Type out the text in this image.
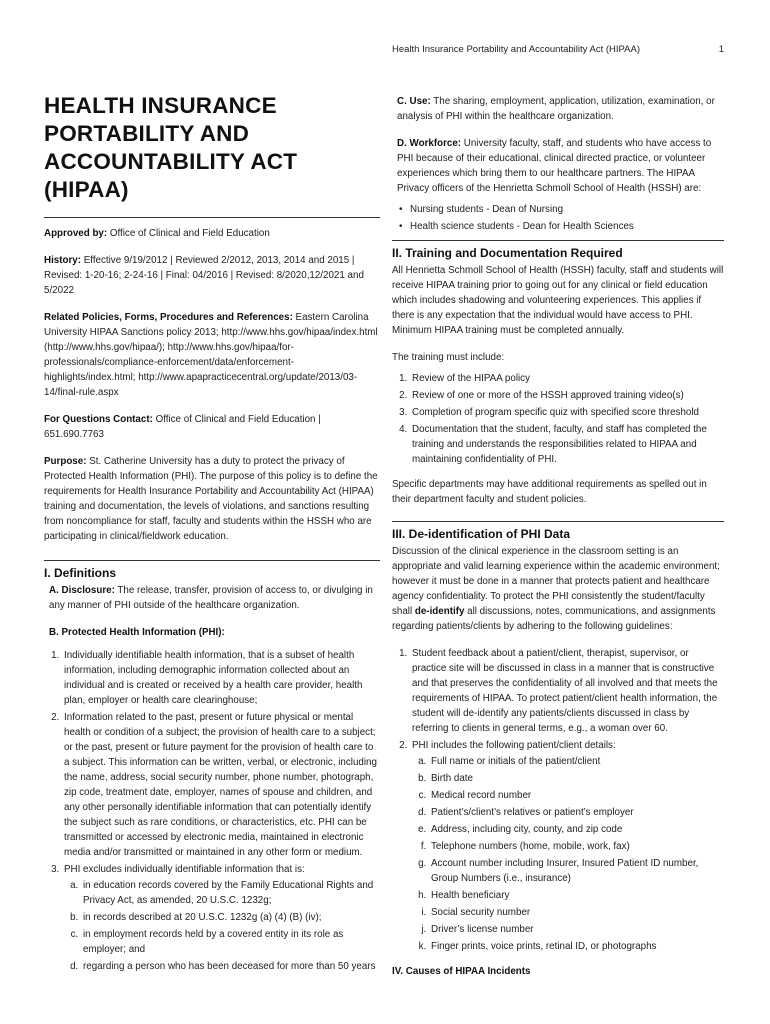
Health Insurance Portability and Accountability Act (HIPAA)	1
HEALTH INSURANCE
PORTABILITY AND
ACCOUNTABILITY ACT (HIPAA)

Approved by: Office of Clinical and Field Education

History: Effective 9/19/2012 | Reviewed 2/2012, 2013, 2014 and 2015 | Revised: 1-20-16; 2-24-16 | Final: 04/2016 | Revised: 8/2020,12/2021 and 5/2022

Related Policies, Forms, Procedures and References: Eastern Carolina University HIPAA Sanctions policy 2013; http://www.hhs.gov/hipaa/index.html (http://www.hhs.gov/hipaa/); http://www.hhs.gov/hipaa/for-professionals/compliance-enforcement/data/enforcement-highlights/index.html; http://www.apapracticecentral.org/update/2013/03-14/final-rule.aspx

For Questions Contact: Office of Clinical and Field Education | 651.690.7763

Purpose: St. Catherine University has a duty to protect the privacy of Protected Health Information (PHI). The purpose of this policy is to define the requirements for Health Insurance Portability and Accountability Act (HIPAA) training and documentation, the levels of violations, and sanctions resulting from noncompliance for staff, faculty and students within the HSSH who are participating in clinical/fieldwork education.

I. Definitions

A. Disclosure: The release, transfer, provision of access to, or divulging in any manner of PHI outside of the healthcare organization.

B. Protected Health Information (PHI):

1. Individually identifiable health information, that is a subset of health information, including demographic information collected about an individual and is created or received by a health care provider, health plan, employer or health care clearinghouse;
2. Information related to the past, present or future physical or mental health or condition of a subject; the provision of health care to a subject; or the past, present or future payment for the provision of health care to a subject. This information can be written, verbal, or electronic, including the name, address, social security number, phone number, photograph, zip code, treatment date, employer, names of spouse and children, and any other personally identifiable information that can potentially identify the subject such as rare conditions, or characteristics, etc. PHI can be transmitted or accessed by electronic media, maintained in electronic media and/or transmitted or maintained in any other form or medium.
3. PHI excludes individually identifiable information that is:
a. in education records covered by the Family Educational Rights and Privacy Act, as amended, 20 U.S.C. 1232g;
b. in records described at 20 U.S.C. 1232g (a) (4) (B) (iv);
c. in employment records held by a covered entity in its role as employer; and
d. regarding a person who has been deceased for more than 50 years

C. Use: The sharing, employment, application, utilization, examination, or analysis of PHI within the healthcare organization.

D. Workforce: University faculty, staff, and students who have access to PHI because of their educational, clinical directed practice, or volunteer experiences which bring them to our healthcare partners. The HIPAA Privacy officers of the Henrietta Schmoll School of Health (HSSH) are:

• Nursing students - Dean of Nursing
• Health science students - Dean for Health Sciences
II. Training and Documentation Required

All Henrietta Schmoll School of Health (HSSH) faculty, staff and students will receive HIPAA training prior to going out for any clinical or field education which includes shadowing and volunteering experiences. This applies if there is any expectation that the individual would have access to PHI. Minimum HIPAA training must be completed annually.

The training must include:

1. Review of the HIPAA policy
2. Review of one or more of the HSSH approved training video(s)
3. Completion of program specific quiz with specified score threshold
4. Documentation that the student, faculty, and staff has completed the training and understands the responsibilities related to HIPAA and maintaining confidentiality of PHI.

Specific departments may have additional requirements as spelled out in their department faculty and student policies.

III. De-identification of PHI Data

Discussion of the clinical experience in the classroom setting is an appropriate and valid learning experience within the academic environment; however it must be done in a manner that protects patient and healthcare agency confidentiality. To protect the PHI consistently the student/faculty shall de-identify all discussions, notes, communications, and assignments regarding patients/clients by adhering to the following guidelines:

1. Student feedback about a patient/client, therapist, supervisor, or practice site will be discussed in class in a manner that is constructive and that preserves the confidentiality of all involved and that meets the requirements of HIPAA. To protect patient/client health information, the student will de-identify any patients/clients discussed in class by referring to clients in general terms, e.g., a woman over 60.
2. PHI includes the following patient/client details:
a. Full name or initials of the patient/client
b. Birth date
c. Medical record number
d. Patient’s/client’s relatives or patient’s employer
e. Address, including city, county, and zip code
f. Telephone numbers (home, mobile, work, fax)
g. Account number including Insurer, Insured Patient ID number, Group Numbers (i.e., insurance)
h. Health beneficiary
i. Social security number
j. Driver’s license number
k. Finger prints, voice prints, retinal ID, or photographs

IV. Causes of HIPAA Incidents
